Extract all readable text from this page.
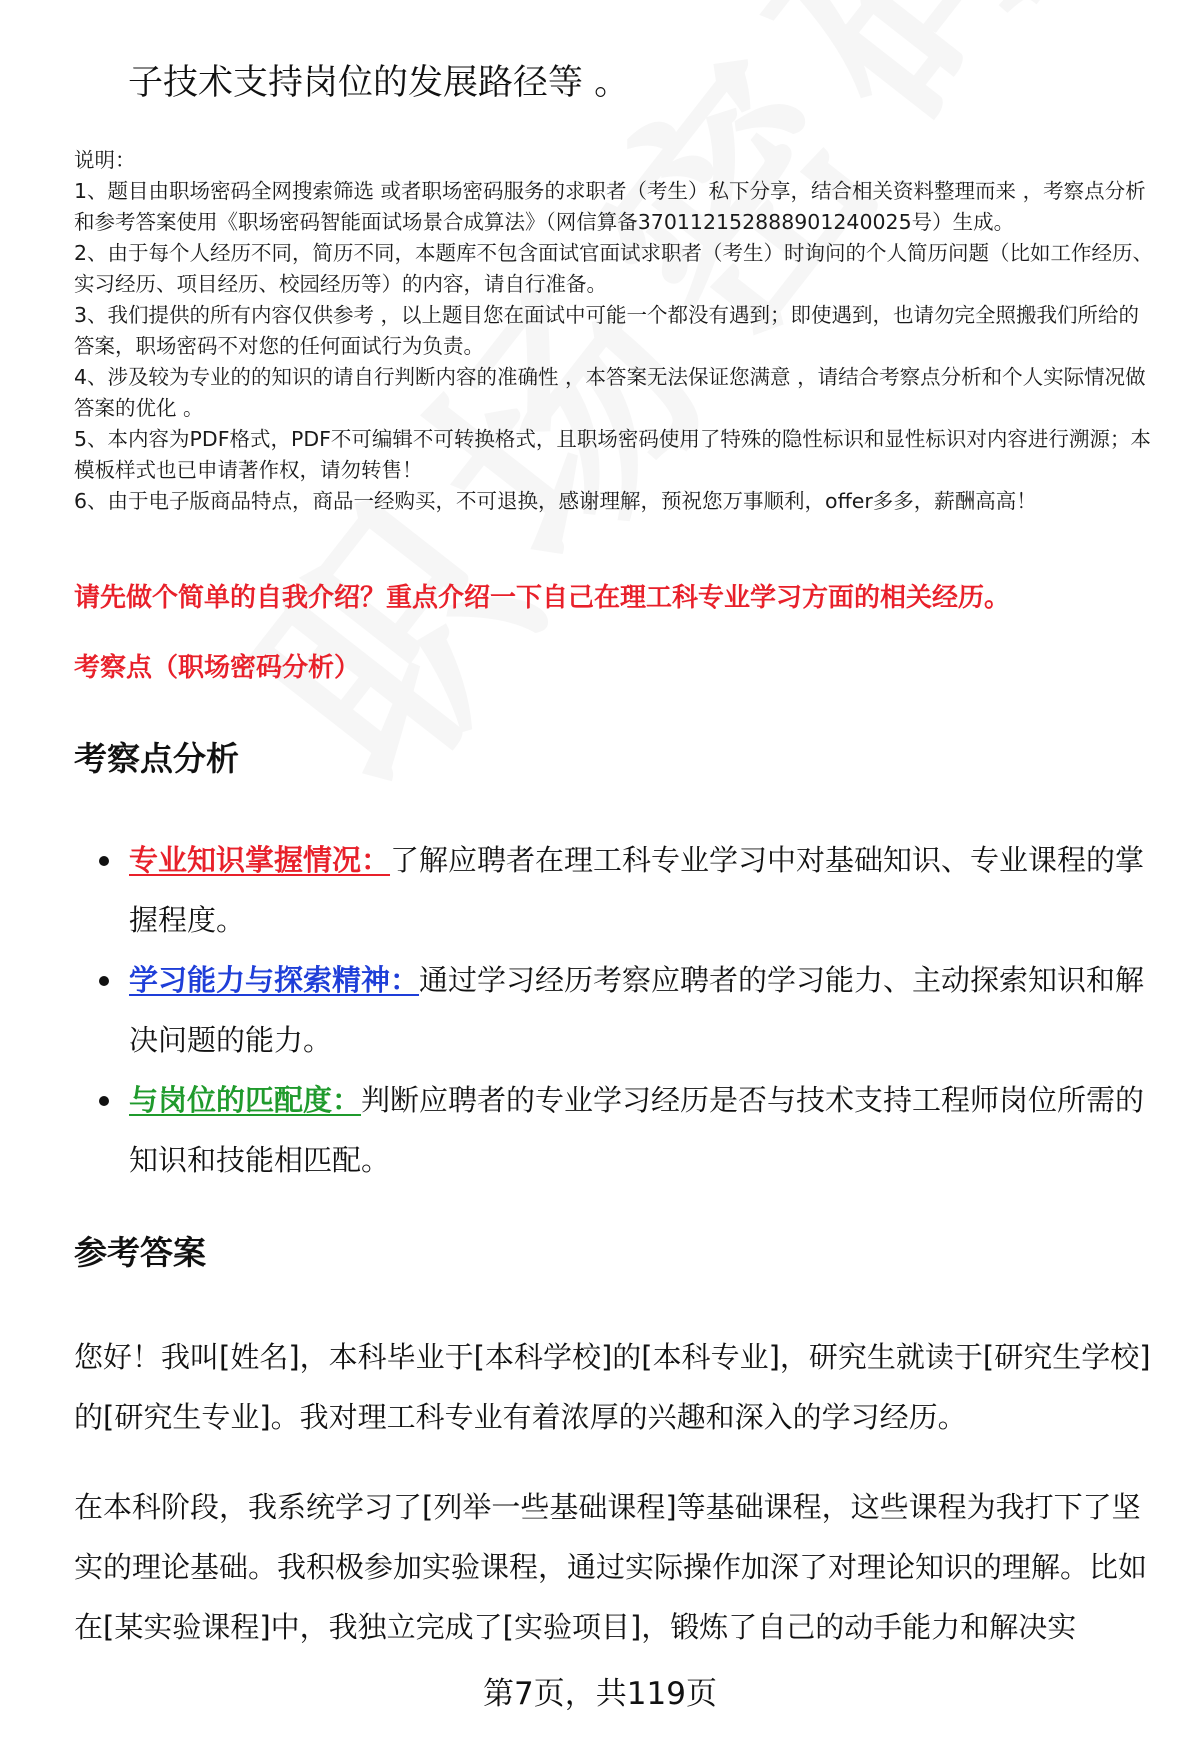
子技术支持岗位的发展路径等 。
说明：
1、题目由职场密码全网搜索筛选 或者职场密码服务的求职者（考生）私下分享，结合相关资料整理而来 ，考察点分析和参考答案使用《职场密码智能面试场景合成算法》（网信算备370112152888901240025号）生成。
2、由于每个人经历不同，简历不同，本题库不包含面试官面试求职者（考生）时询问的个人简历问题（比如工作经历、实习经历、项目经历、校园经历等）的内容，请自行准备。
3、我们提供的所有内容仅供参考 ，以上题目您在面试中可能一个都没有遇到；即使遇到，也请勿完全照搬我们所给的答案，职场密码不对您的任何面试行为负责。
4、涉及较为专业的的知识的请自行判断内容的准确性 ，本答案无法保证您满意 ，请结合考察点分析和个人实际情况做答案的优化 。
5、本内容为PDF格式，PDF不可编辑不可转换格式，且职场密码使用了特殊的隐性标识和显性标识对内容进行溯源；本模板样式也已申请著作权，请勿转售！
6、由于电子版商品特点，商品一经购买，不可退换，感谢理解，预祝您万事顺利，offer多多，薪酬高高！
请先做个简单的自我介绍？重点介绍一下自己在理工科专业学习方面的相关经历。
考察点（职场密码分析）
考察点分析
专业知识掌握情况：了解应聘者在理工科专业学习中对基础知识、专业课程的掌握程度。
学习能力与探索精神：通过学习经历考察应聘者的学习能力、主动探索知识和解决问题的能力。
与岗位的匹配度：判断应聘者的专业学习经历是否与技术支持工程师岗位所需的知识和技能相匹配。
参考答案

您好！我叫[姓名]，本科毕业于[本科学校]的[本科专业]，研究生就读于[研究生学校]的[研究生专业]。我对理工科专业有着浓厚的兴趣和深入的学习经历。

在本科阶段，我系统学习了[列举一些基础课程]等基础课程，这些课程为我打下了坚实的理论基础。我积极参加实验课程，通过实际操作加深了对理论知识的理解。比如在[某实验课程]中，我独立完成了[实验项目]，锻炼了自己的动手能力和解决实

第7页，共119页
